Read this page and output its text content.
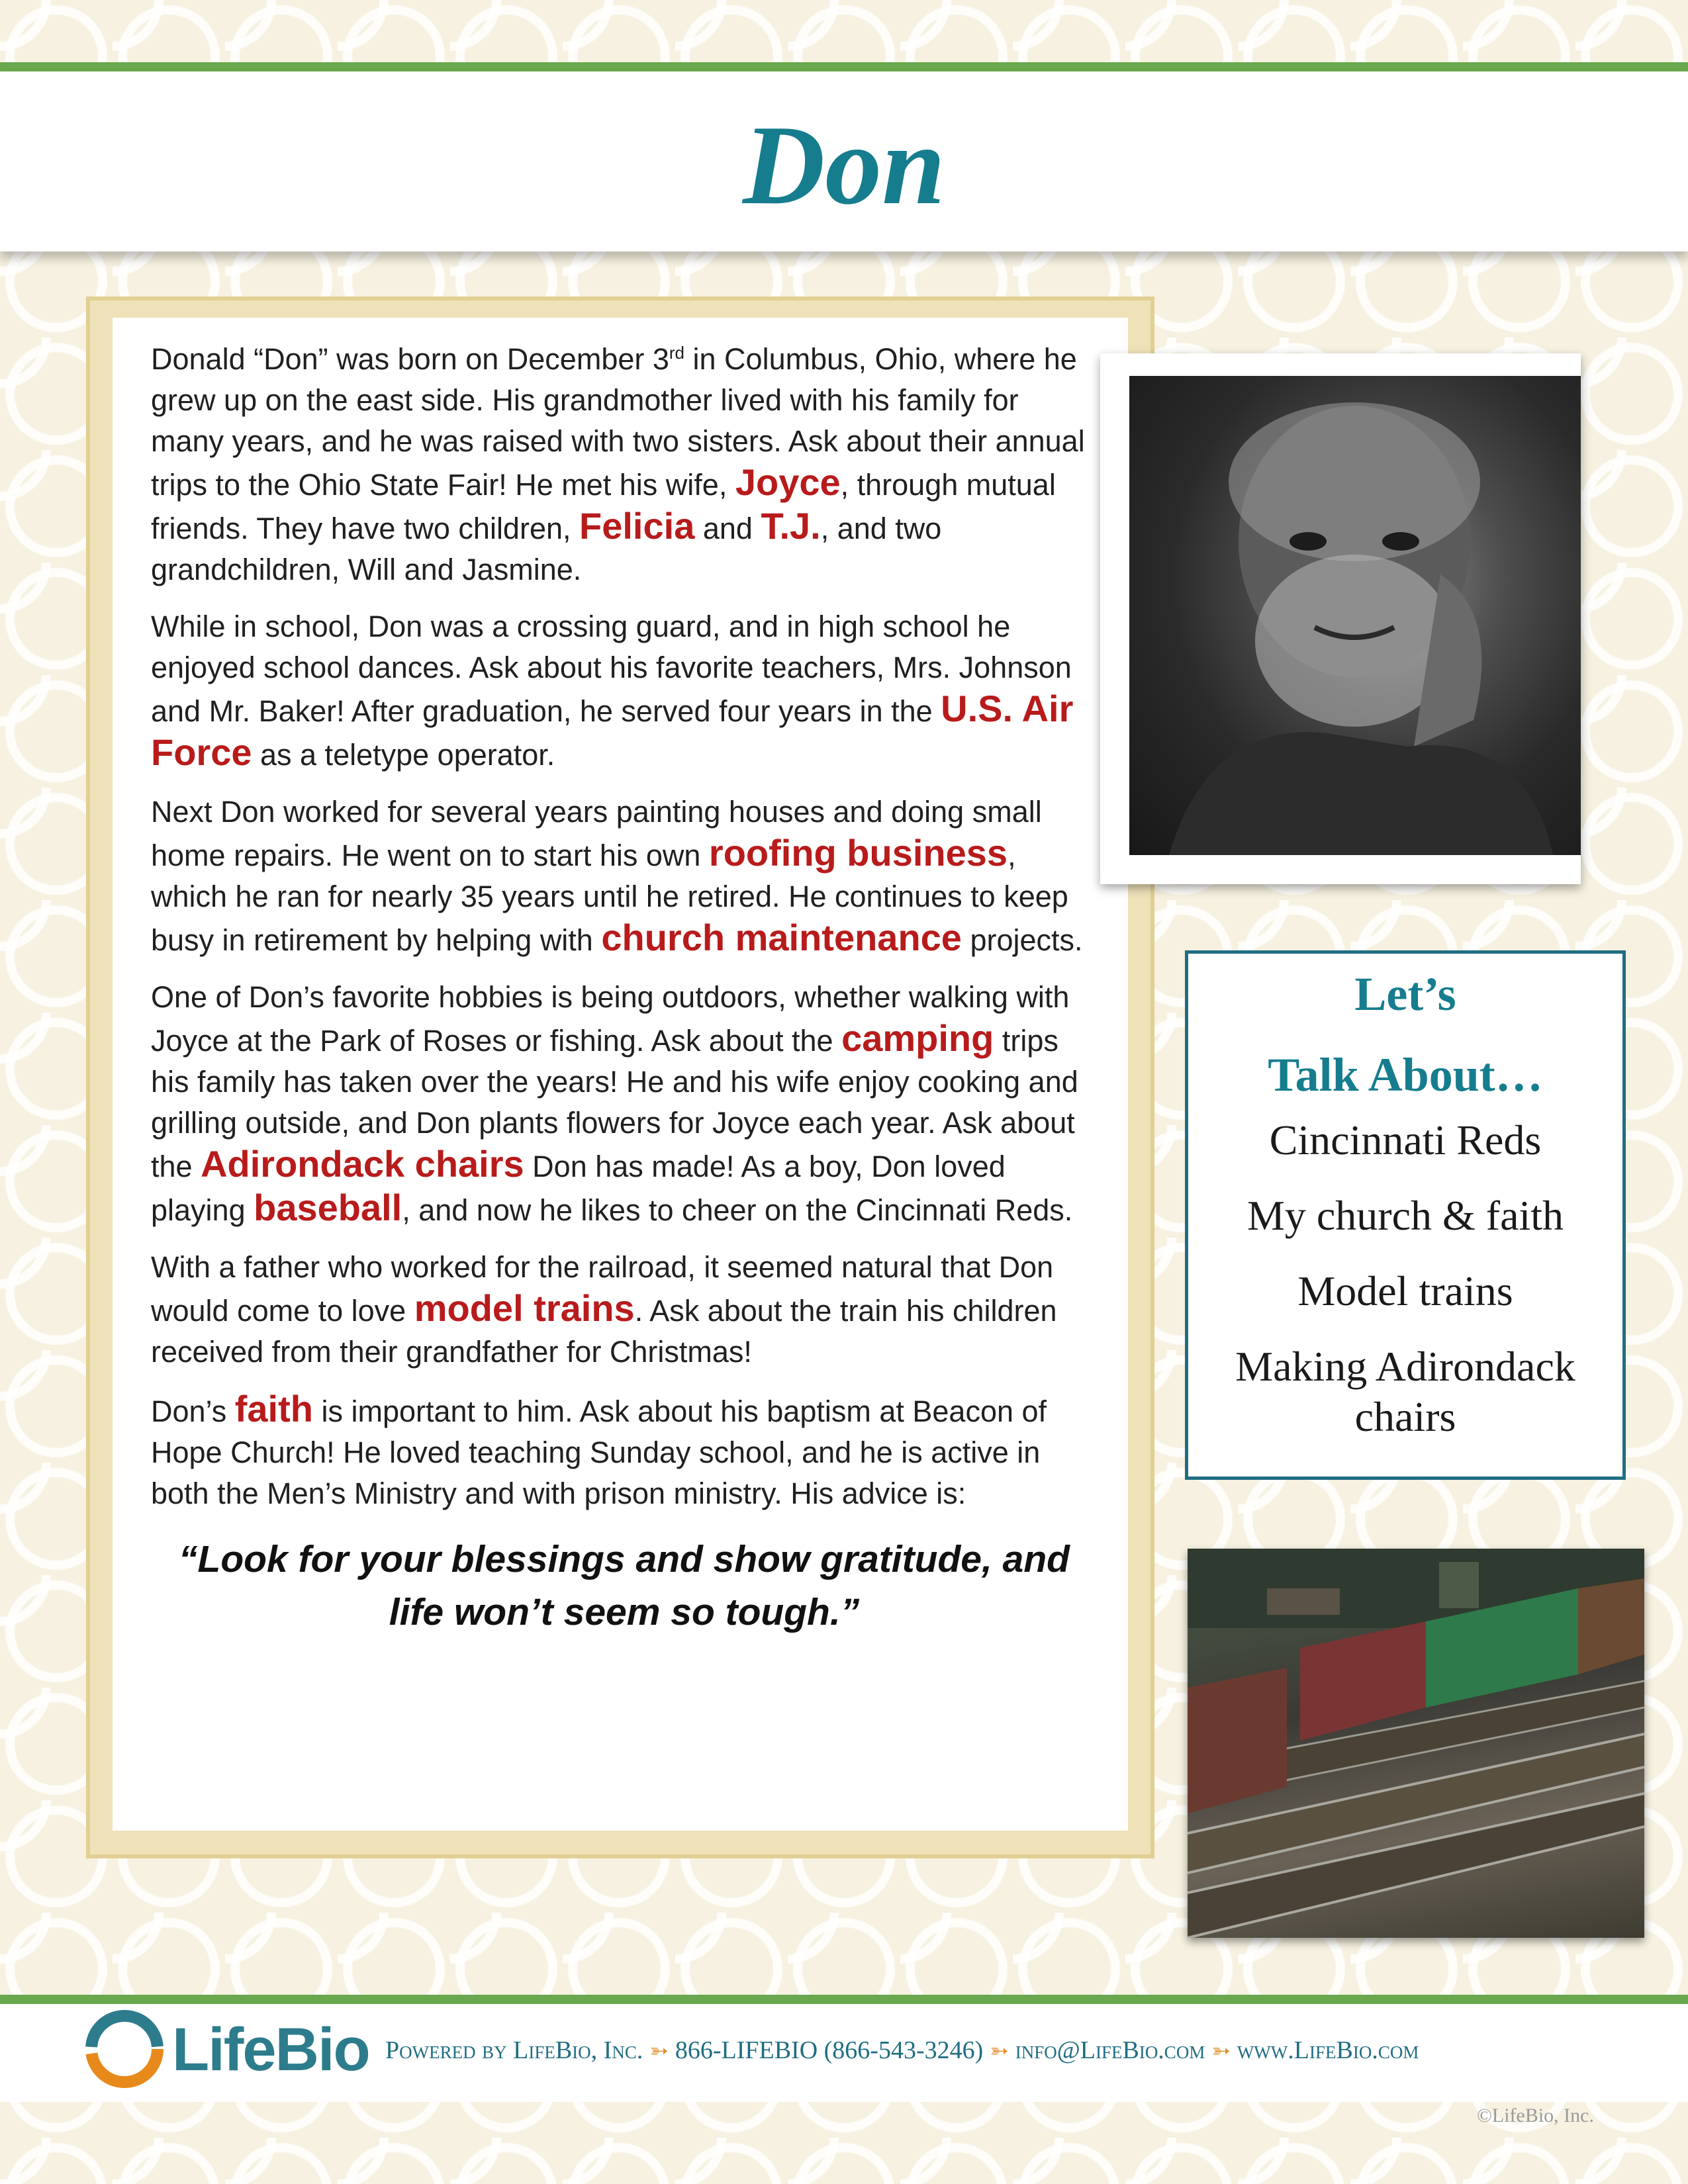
Don

Donald “Don” was born on December 3rd in Columbus, Ohio, where he grew up on the east side. His grandmother lived with his family for many years, and he was raised with two sisters. Ask about their annual trips to the Ohio State Fair! He met his wife, Joyce, through mutual friends. They have two children, Felicia and T.J., and two grandchildren, Will and Jasmine.

While in school, Don was a crossing guard, and in high school he enjoyed school dances. Ask about his favorite teachers, Mrs. Johnson and Mr. Baker! After graduation, he served four years in the U.S. Air Force as a teletype operator.

Next Don worked for several years painting houses and doing small home repairs. He went on to start his own roofing business, which he ran for nearly 35 years until he retired. He continues to keep busy in retirement by helping with church maintenance projects.

One of Don’s favorite hobbies is being outdoors, whether walking with Joyce at the Park of Roses or fishing. Ask about the camping trips his family has taken over the years! He and his wife enjoy cooking and grilling outside, and Don plants flowers for Joyce each year. Ask about the Adirondack chairs Don has made! As a boy, Don loved playing baseball, and now he likes to cheer on the Cincinnati Reds.

With a father who worked for the railroad, it seemed natural that Don would come to love model trains. Ask about the train his children received from their grandfather for Christmas!

Don’s faith is important to him. Ask about his baptism at Beacon of Hope Church! He loved teaching Sunday school, and he is active in both the Men’s Ministry and with prison ministry. His advice is:

“Look for your blessings and show gratitude, and life won’t seem so tough.”
Let’s
Talk About…
Cincinnati Reds
My church & faith
Model trains
Making Adirondack chairs
LifeBio Powered by LifeBio, Inc. ➳ 866-LIFEBIO (866-543-3246) ➳ info@LifeBio.com ➳ www.LifeBio.com
©LifeBio, Inc.
